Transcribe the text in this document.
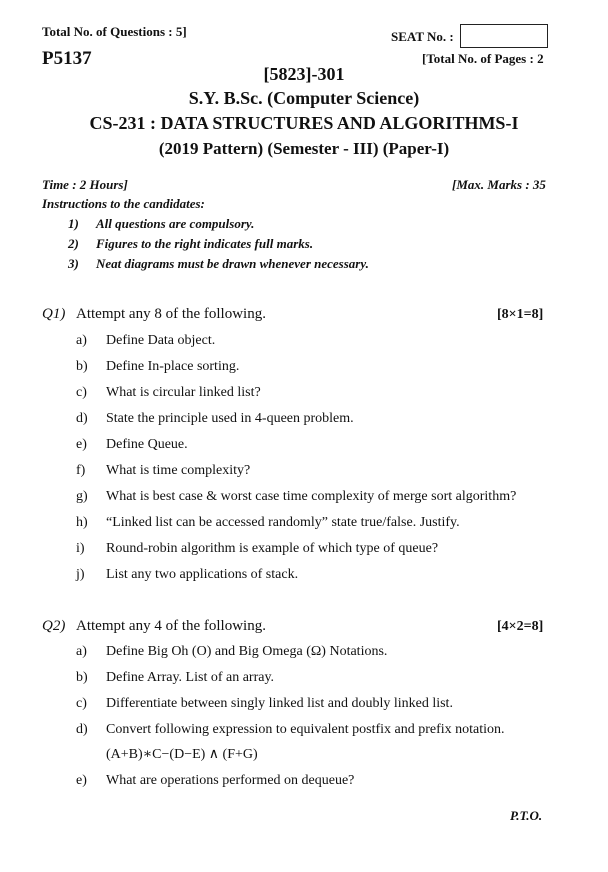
Total No. of Questions : 5]	SEAT No. :
P5137	[Total No. of Pages : 2
[5823]-301
S.Y. B.Sc. (Computer Science)
CS-231 : DATA STRUCTURES AND ALGORITHMS-I
(2019 Pattern) (Semester - III) (Paper-I)
Time : 2 Hours]	[Max. Marks : 35
Instructions to the candidates:
1) All questions are compulsory.
2) Figures to the right indicates full marks.
3) Neat diagrams must be drawn whenever necessary.
Q1) Attempt any 8 of the following.	[8×1=8]
a) Define Data object.
b) Define In-place sorting.
c) What is circular linked list?
d) State the principle used in 4-queen problem.
e) Define Queue.
f) What is time complexity?
g) What is best case & worst case time complexity of merge sort algorithm?
h) “Linked list can be accessed randomly” state true/false. Justify.
i) Round-robin algorithm is example of which type of queue?
j) List any two applications of stack.
Q2) Attempt any 4 of the following.	[4×2=8]
a) Define Big Oh (O) and Big Omega (Ω) Notations.
b) Define Array. List of an array.
c) Differentiate between singly linked list and doubly linked list.
d) Convert following expression to equivalent postfix and prefix notation.
(A+B)∗C−(D−E) ∧ (F+G)
e) What are operations performed on dequeue?
P.T.O.
